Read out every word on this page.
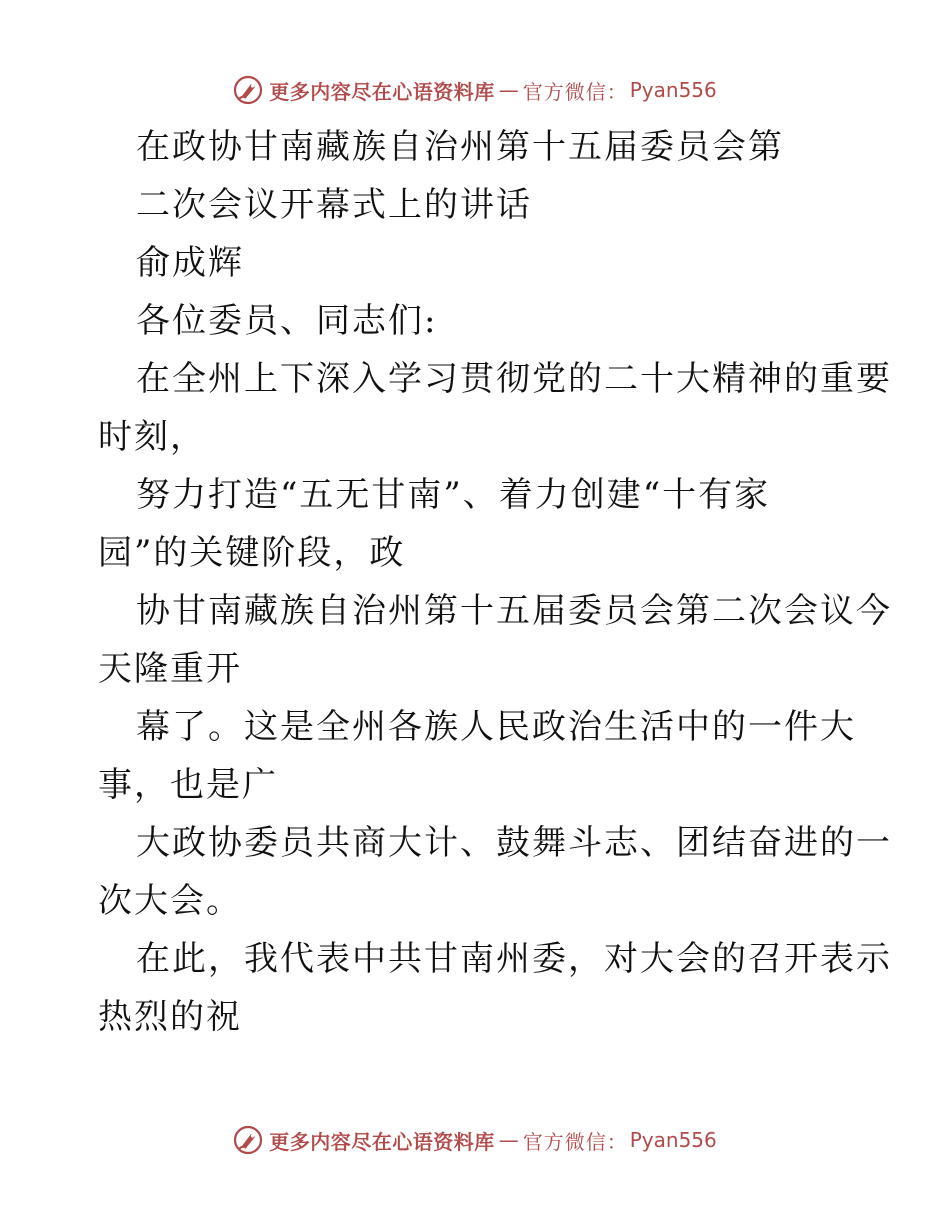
更多内容尽在心语资料库 — 官方微信： Pyan556
在政协甘南藏族自治州第十五届委员会第
二次会议开幕式上的讲话
俞成辉
各位委员、同志们:
在全州上下深入学习贯彻党的二十大精神的重要
时刻，
努力打造“五无甘南”、着力创建“十有家
园”的关键阶段，政
协甘南藏族自治州第十五届委员会第二次会议今
天隆重开
幕了。这是全州各族人民政治生活中的一件大
事，也是广
大政协委员共商大计、鼓舞斗志、团结奋进的一
次大会。
在此，我代表中共甘南州委，对大会的召开表示
热烈的祝
更多内容尽在心语资料库 — 官方微信： Pyan556
